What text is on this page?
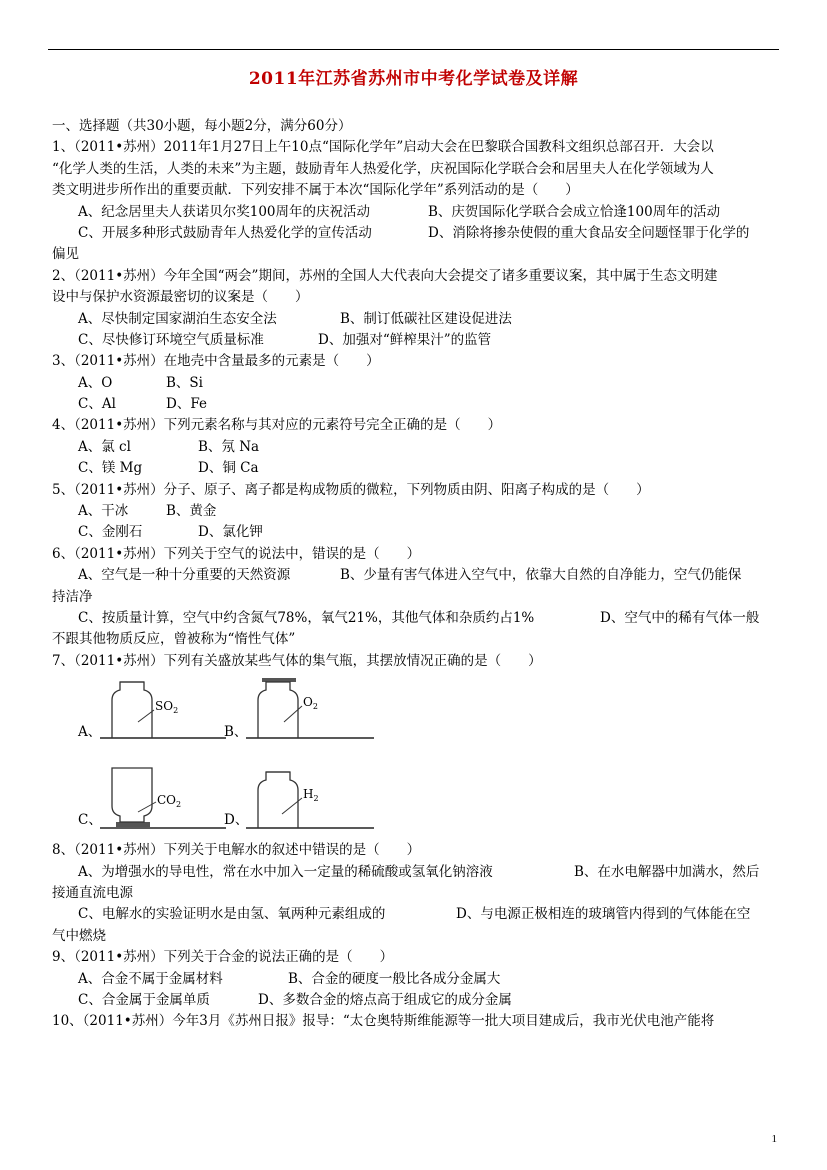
2011年江苏省苏州市中考化学试卷及详解
一、选择题（共30小题，每小题2分，满分60分）
1、（2011•苏州）2011年1月27日上午10点“国际化学年”启动大会在巴黎联合国教科文组织总部召开．大会以
“化学人类的生活，人类的未来”为主题，鼓励青年人热爱化学，庆祝国际化学联合会和居里夫人在化学领域为人
类文明进步所作出的重要贡献．下列安排不属于本次“国际化学年”系列活动的是（　　）
A、纪念居里夫人获诺贝尔奖100周年的庆祝活动	B、庆贺国际化学联合会成立恰逢100周年的活动
C、开展多种形式鼓励青年人热爱化学的宣传活动	D、消除将掺杂使假的重大食品安全问题怪罪于化学的
偏见
2、（2011•苏州）今年全国“两会”期间，苏州的全国人大代表向大会提交了诸多重要议案，其中属于生态文明建
设中与保护水资源最密切的议案是（　　）
A、尽快制定国家湖泊生态安全法	B、制订低碳社区建设促进法
C、尽快修订环境空气质量标准	D、加强对“鲜榨果汁”的监管
3、（2011•苏州）在地壳中含量最多的元素是（　　）
A、O	B、Si
C、Al	D、Fe
4、（2011•苏州）下列元素名称与其对应的元素符号完全正确的是（　　）
A、氯 cl	B、氖 Na
C、镁 Mg	D、铜 Ca
5、（2011•苏州）分子、原子、离子都是构成物质的微粒，下列物质由阴、阳离子构成的是（　　）
A、干冰	B、黄金
C、金刚石	D、氯化钾
6、（2011•苏州）下列关于空气的说法中，错误的是（　　）
A、空气是一种十分重要的天然资源	B、少量有害气体进入空气中，依靠大自然的自净能力，空气仍能保
持洁净
C、按质量计算，空气中约含氮气78%，氧气21%，其他气体和杂质约占1%	D、空气中的稀有气体一般
不跟其他物质反应，曾被称为“惰性气体”
7、（2011•苏州）下列有关盛放某些气体的集气瓶，其摆放情况正确的是（　　）
A、
$SO_2$
B、
$O_2$
C、
$CO_2$
D、
$H_2$
8、（2011•苏州）下列关于电解水的叙述中错误的是（　　）
A、为增强水的导电性，常在水中加入一定量的稀硫酸或氢氧化钠溶液	B、在水电解器中加满水，然后
接通直流电源
C、电解水的实验证明水是由氢、氧两种元素组成的	D、与电源正极相连的玻璃管内得到的气体能在空
气中燃烧
9、（2011•苏州）下列关于合金的说法正确的是（　　）
A、合金不属于金属材料	B、合金的硬度一般比各成分金属大
C、合金属于金属单质	D、多数合金的熔点高于组成它的成分金属
10、（2011•苏州）今年3月《苏州日报》报导：“太仓奥特斯维能源等一批大项目建成后，我市光伏电池产能将
1
